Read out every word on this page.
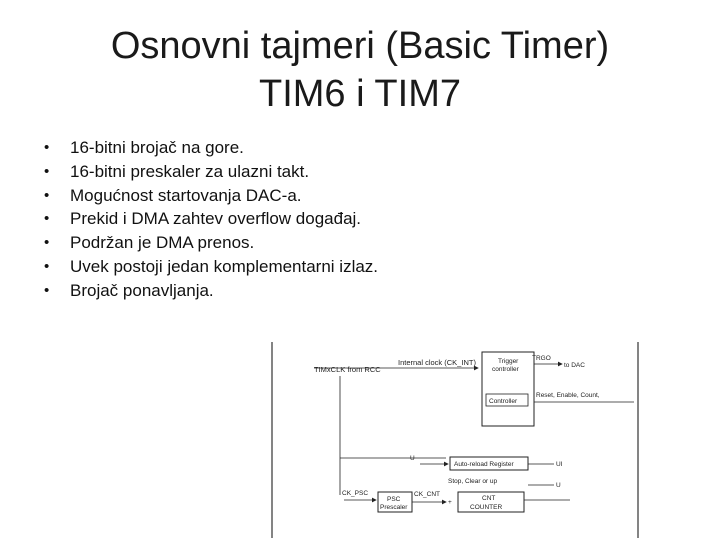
Osnovni tajmeri (Basic Timer)
TIM6 i TIM7
• 16-bitni brojač na gore.
• 16-bitni preskaler za ulazni takt.
• Mogućnost startovanja DAC-a.
• Prekid i DMA zahtev overflow događaj.
• Podržan je DMA prenos.
• Uvek postoji jedan komplementarni izlaz.
• Brojač ponavljanja.
TIMxCLK from RCC
Internal clock (CK_INT)	Trigger
controller
Controller
TRGO
to DAC
Reset, Enable, Count,
U
Auto-reload Register	UI
Stop, Clear or up
U
CK_PSC
PSC
Prescaler
CK_CNT
+
CNT
COUNTER
